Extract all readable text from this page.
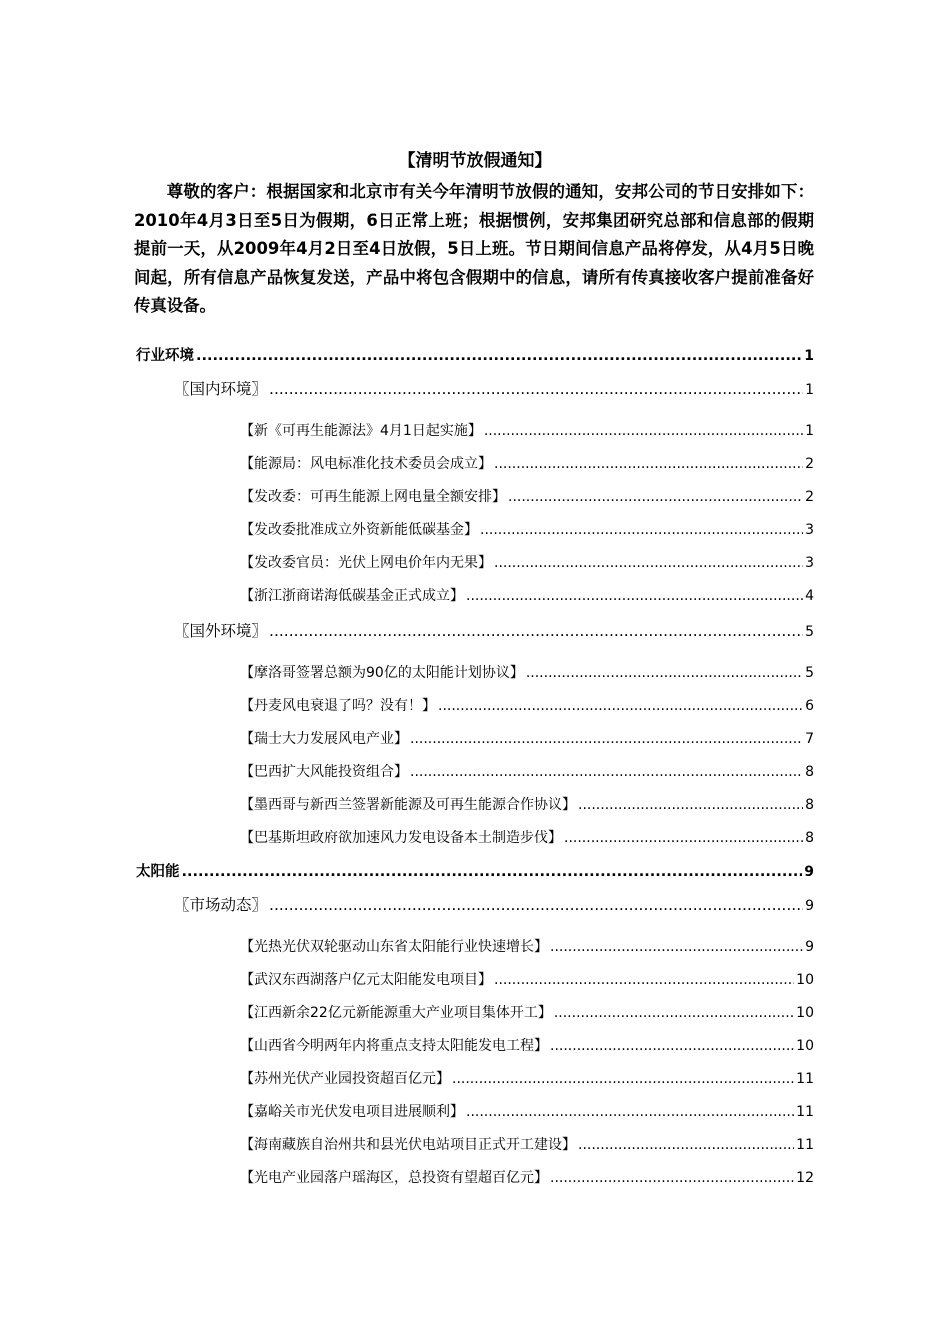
【清明节放假通知】

尊敬的客户：根据国家和北京市有关今年清明节放假的通知，安邦公司的节日安排如下：2010年4月3日至5日为假期，6日正常上班；根据惯例，安邦集团研究总部和信息部的假期提前一天，从2009年4月2日至4日放假，5日上班。节日期间信息产品将停发，从4月5日晚间起，所有信息产品恢复发送，产品中将包含假期中的信息，请所有传真接收客户提前准备好传真设备。

行业环境 .....	1
〖国内环境〗 .....	1
【新《可再生能源法》4月1日起实施】 .....	1
【能源局：风电标准化技术委员会成立】 .....	2
【发改委：可再生能源上网电量全额安排】 .....	2
【发改委批准成立外资新能低碳基金】 .....	3
【发改委官员：光伏上网电价年内无果】 .....	3
【浙江浙商诺海低碳基金正式成立】 .....	4
〖国外环境〗 .....	5
【摩洛哥签署总额为90亿的太阳能计划协议】 .....	5
【丹麦风电衰退了吗？没有！】 .....	6
【瑞士大力发展风电产业】 .....	7
【巴西扩大风能投资组合】 .....	8
【墨西哥与新西兰签署新能源及可再生能源合作协议】 .....	8
【巴基斯坦政府欲加速风力发电设备本土制造步伐】 .....	8
太阳能 .....	9
〖市场动态〗 .....	9
【光热光伏双轮驱动山东省太阳能行业快速增长】 .....	9
【武汉东西湖落户亿元太阳能发电项目】 .....	10
【江西新余22亿元新能源重大产业项目集体开工】 .....	10
【山西省今明两年内将重点支持太阳能发电工程】 .....	10
【苏州光伏产业园投资超百亿元】 .....	11
【嘉峪关市光伏发电项目进展顺利】 .....	11
【海南藏族自治州共和县光伏电站项目正式开工建设】 .....	11
【光电产业园落户瑶海区，总投资有望超百亿元】 .....	12
